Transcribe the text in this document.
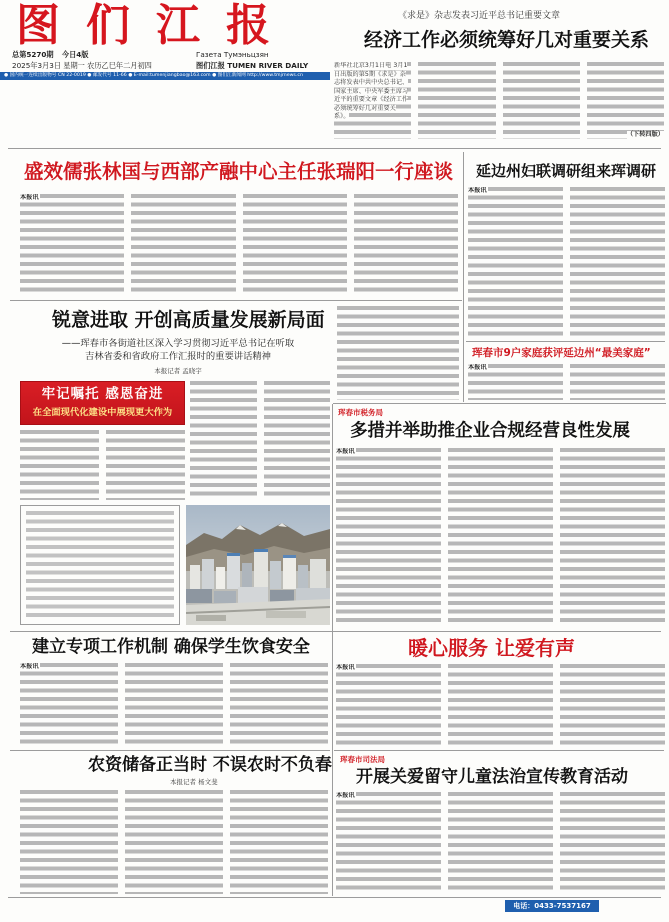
图们江报
总第5270期 今日4版
2025年3月3日 星期一 农历乙巳年二月初四
Газета Тумэньцзян
图们江报 TUMEN RIVER DAILY
● 国内统一连续出版物号 CN 22-0019 ● 邮发代号 11-66 ● E-mail:tumenjiangbao@163.com ● 图们江新闻网 http://www.tmjrnews.cn
《求是》杂志发表习近平总书记重要文章
经济工作必须统筹好几对重要关系
新华社北京3月1日电 3月1日出版的第5期《求是》杂志将发表中共中央总书记、国家主席、中央军委主席习近平的重要文章《经济工作必须统筹好几对重要关系》。
（下转四版）
盛效儒张林国与西部产融中心主任张瑞阳一行座谈
本报讯
延边州妇联调研组来珲调研
本报讯
珲春市9户家庭获评延边州“最美家庭”
本报讯
锐意进取 开创高质量发展新局面
——珲春市各街道社区深入学习贯彻习近平总书记在听取
吉林省委和省政府工作汇报时的重要讲话精神
本报记者 孟晓宇
牢记嘱托 感恩奋进
在全面现代化建设中展现更大作为	珲春市税务局
多措并举助推企业合规经营良性发展
本报讯
建立专项工作机制 确保学生饮食安全
本报讯
暖心服务 让爱有声
本报讯
农资储备正当时 不误农时不负春
本报记者 杨文斐
珲春市司法局
开展关爱留守儿童法治宣传教育活动
本报讯
电话：0433-7537167
